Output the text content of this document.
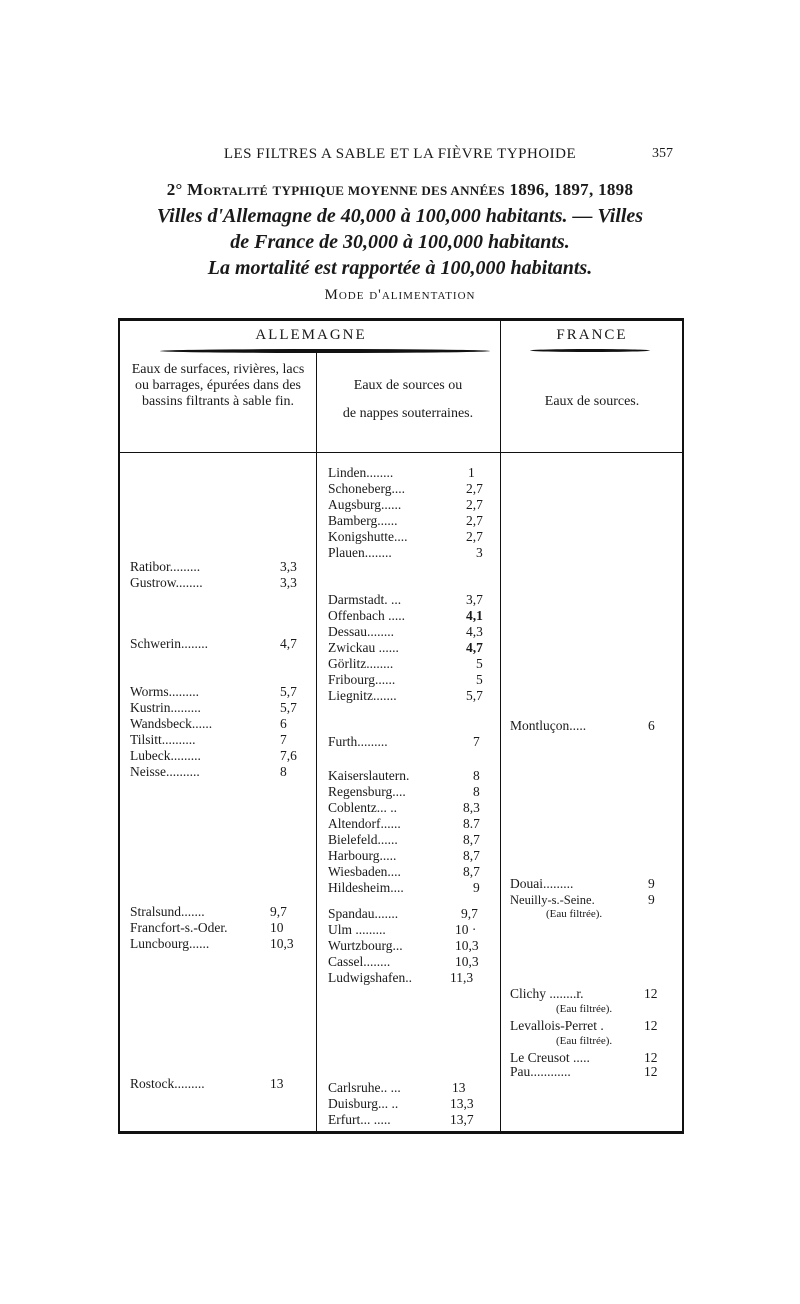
LES FILTRES A SABLE ET LA FIÈVRE TYPHOIDE	357
2° Mortalité TYPHIQUE MOYENNE DES ANNÉES 1896, 1897, 1898
Villes d'Allemagne de 40,000 à 100,000 habitants. — Villes
de France de 30,000 à 100,000 habitants.
La mortalité est rapportée à 100,000 habitants.
Mode d'alimentation
ALLEMAGNE	FRANCE
Eaux de surfaces, rivières, lacs ou barrages, épurées dans des bassins filtrants à sable fin.
Eaux de sources ou
de nappes souterraines.
Eaux de sources.
Ratibor.........	3,3
Gustrow........	3,3
Schwerin........	4,7
Worms.........	5,7
Kustrin.........	5,7
Wandsbeck......	6
Tilsitt..........	7
Lubeck.........	7,6
Neisse..........	8
Stralsund.......	9,7
Francfort-s.-Oder.	10
Luncbourg......	10,3
Rostock.........	13
Linden........	1
Schoneberg....	2,7
Augsburg......	2,7
Bamberg......	2,7
Konigshutte....	2,7
Plauen........	3
Darmstadt. ...	3,7
Offenbach .....	4,1
Dessau........	4,3
Zwickau ......	4,7
Görlitz........	5
Fribourg......	5
Liegnitz.......	5,7
Furth.........	7
Kaiserslautern.	8
Regensburg....	8
Coblentz... ..	8,3
Altendorf......	8.7
Bielefeld......	8,7
Harbourg.....	8,7
Wiesbaden....	8,7
Hildesheim....	9
Spandau.......	9,7
Ulm .........	10 ·
Wurtzbourg...	10,3
Cassel........	10,3
Ludwigshafen..	11,3
Carlsruhe.. ...	13
Duisburg... ..	13,3
Erfurt... .....	13,7
Montluçon.....	6
Douai.........	9
Neuilly-s.-Seine.	9
(Eau filtrée).
Clichy ........r.	12
(Eau filtrée).
Levallois-Perret .	12
(Eau filtrée).
Le Creusot .....	12
Pau............	12
